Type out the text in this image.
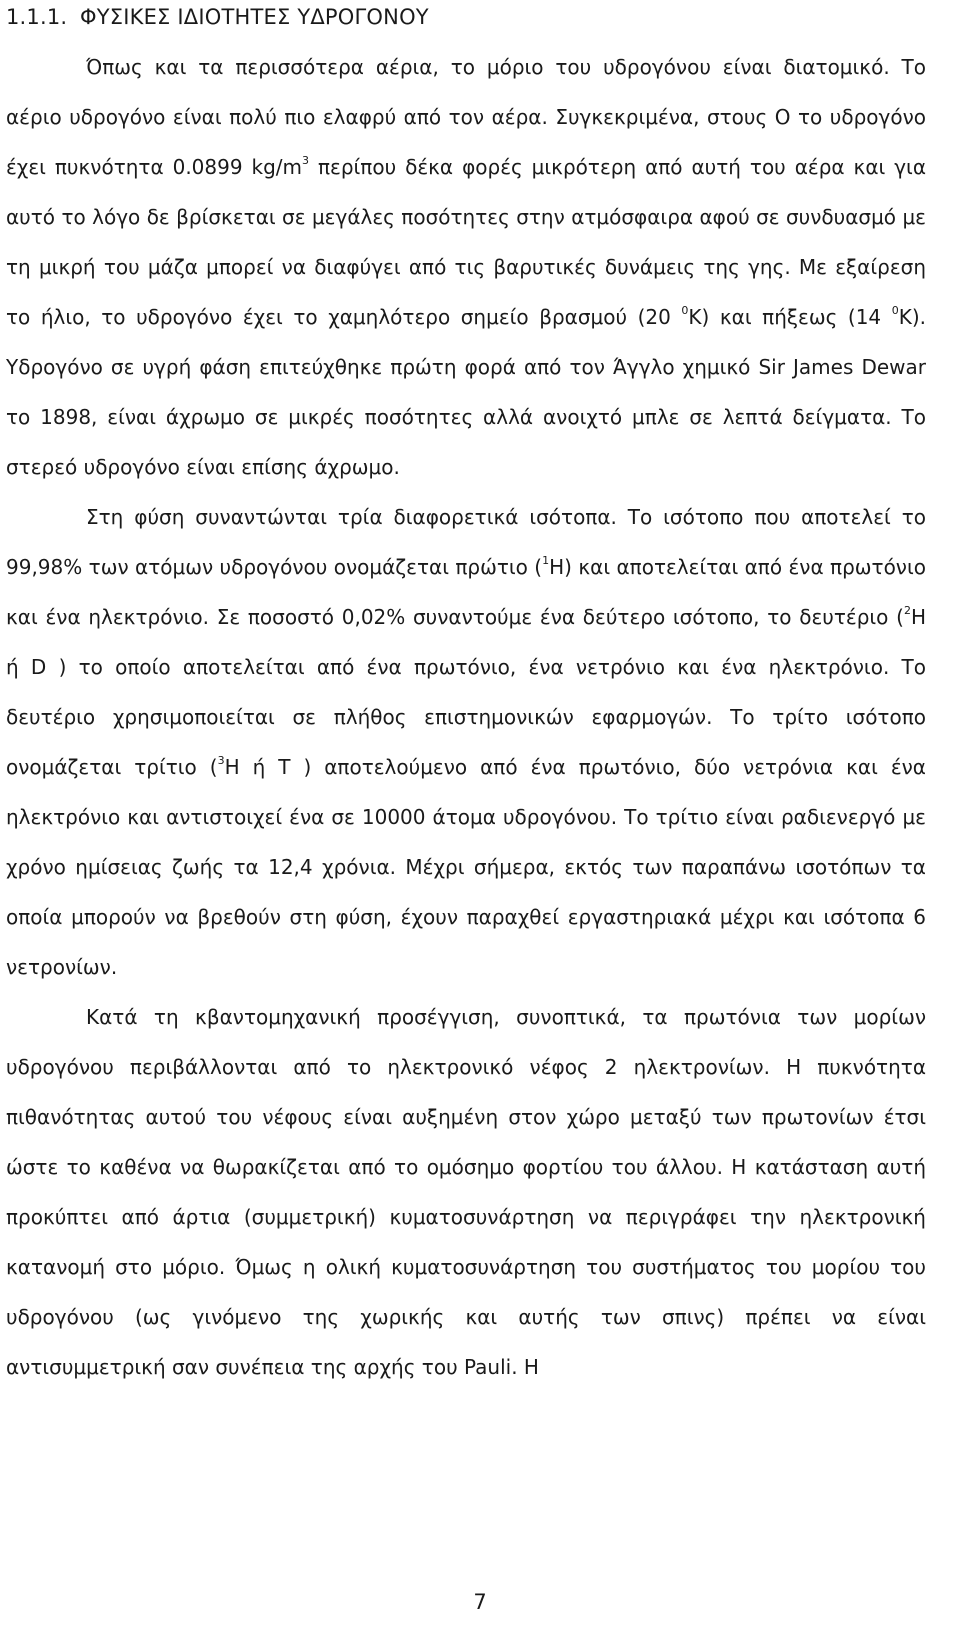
1.1.1. ΦΥΣΙΚΕΣ ΙΔΙΟΤΗΤΕΣ ΥΔΡΟΓΟΝΟΥ

Όπως και τα περισσότερα αέρια, το μόριο του υδρογόνου είναι διατομικό. Το αέριο υδρογόνο είναι πολύ πιο ελαφρύ από τον αέρα. Συγκεκριμένα, στους Ο το υδρογόνο έχει πυκνότητα 0.0899 $kg/m^3$ περίπου δέκα φορές μικρότερη από αυτή του αέρα και για αυτό το λόγο δε βρίσκεται σε μεγάλες ποσότητες στην ατμόσφαιρα αφού σε συνδυασμό με τη μικρή του μάζα μπορεί να διαφύγει από τις βαρυτικές δυνάμεις της γης. Με εξαίρεση το ήλιο, το υδρογόνο έχει το χαμηλότερο σημείο βρασμού (20 $^0$Κ) και πήξεως (14 $^0$Κ). Υδρογόνο σε υγρή φάση επιτεύχθηκε πρώτη φορά από τον Άγγλο χημικό Sir James Dewar το 1898, είναι άχρωμο σε μικρές ποσότητες αλλά ανοιχτό μπλε σε λεπτά δείγματα. Το στερεό υδρογόνο είναι επίσης άχρωμο.

Στη φύση συναντώνται τρία διαφορετικά ισότοπα. Το ισότοπο που αποτελεί το 99,98% των ατόμων υδρογόνου ονομάζεται πρώτιο ($^1$Η) και αποτελείται από ένα πρωτόνιο και ένα ηλεκτρόνιο. Σε ποσοστό 0,02% συναντούμε ένα δεύτερο ισότοπο, το δευτέριο ($^2$Η ή D ) το οποίο αποτελείται από ένα πρωτόνιο, ένα νετρόνιο και ένα ηλεκτρόνιο. Το δευτέριο χρησιμοποιείται σε πλήθος επιστημονικών εφαρμογών. Το τρίτο ισότοπο ονομάζεται τρίτιο ($^3$Η ή Τ ) αποτελούμενο από ένα πρωτόνιο, δύο νετρόνια και ένα ηλεκτρόνιο και αντιστοιχεί ένα σε 10000 άτομα υδρογόνου. Το τρίτιο είναι ραδιενεργό με χρόνο ημίσειας ζωής τα 12,4 χρόνια. Μέχρι σήμερα, εκτός των παραπάνω ισοτόπων τα οποία μπορούν να βρεθούν στη φύση, έχουν παραχθεί εργαστηριακά μέχρι και ισότοπα 6 νετρονίων.

Κατά τη κβαντομηχανική προσέγγιση, συνοπτικά, τα πρωτόνια των μορίων υδρογόνου περιβάλλονται από το ηλεκτρονικό νέφος 2 ηλεκτρονίων. Η πυκνότητα πιθανότητας αυτού του νέφους είναι αυξημένη στον χώρο μεταξύ των πρωτονίων έτσι ώστε το καθένα να θωρακίζεται από το ομόσημο φορτίου του άλλου. Η κατάσταση αυτή προκύπτει από άρτια (συμμετρική) κυματοσυνάρτηση να περιγράφει την ηλεκτρονική κατανομή στο μόριο. Όμως η ολική κυματοσυνάρτηση του συστήματος του μορίου του υδρογόνου (ως γινόμενο της χωρικής και αυτής των σπινς) πρέπει να είναι αντισυμμετρική σαν συνέπεια της αρχής του Pauli. Η

7
